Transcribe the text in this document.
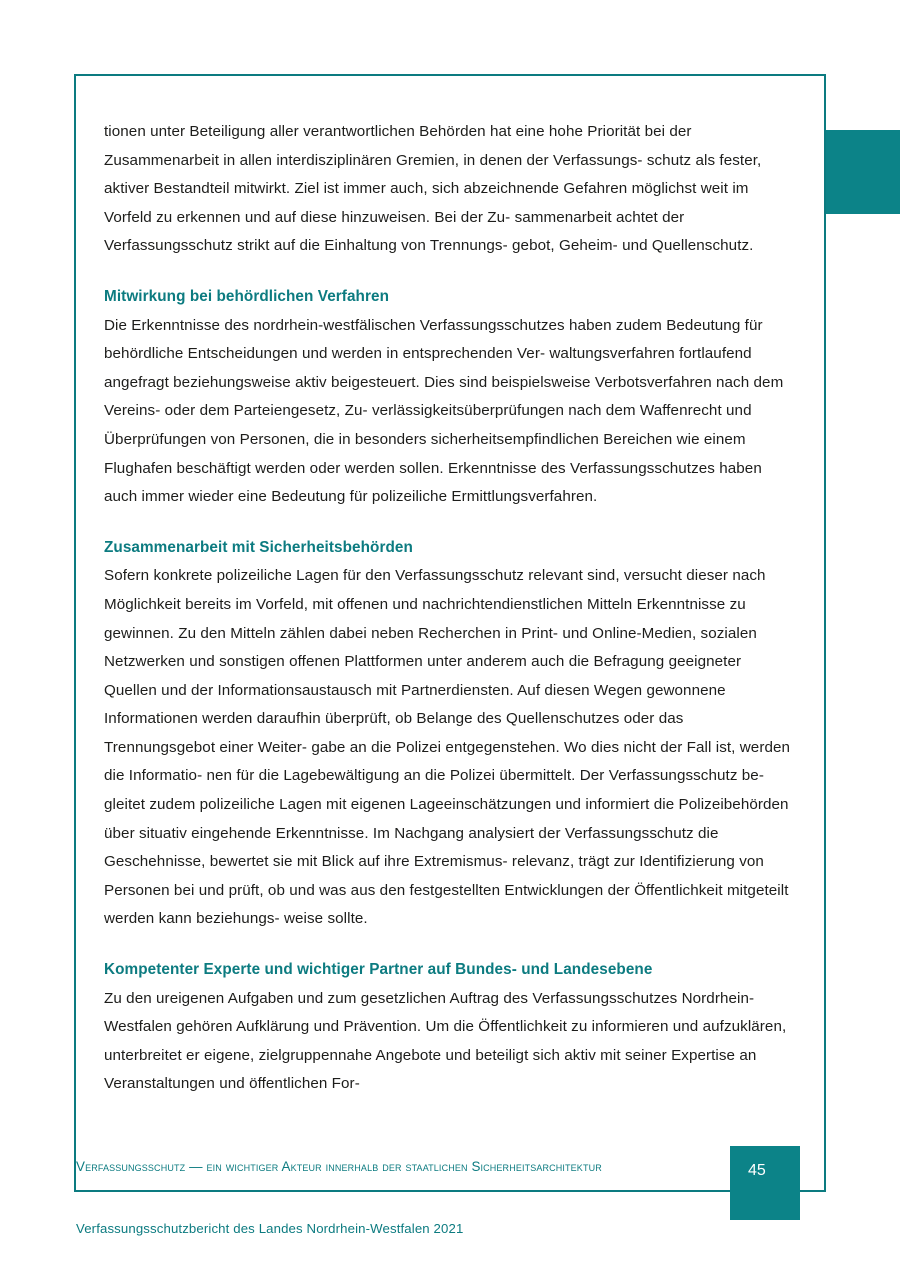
tionen unter Beteiligung aller verantwortlichen Behörden hat eine hohe Priorität bei der Zusammenarbeit in allen interdisziplinären Gremien, in denen der Verfassungs- schutz als fester, aktiver Bestandteil mitwirkt. Ziel ist immer auch, sich abzeichnende Gefahren möglichst weit im Vorfeld zu erkennen und auf diese hinzuweisen. Bei der Zu- sammenarbeit achtet der Verfassungsschutz strikt auf die Einhaltung von Trennungs- gebot, Geheim- und Quellenschutz.

Mitwirkung bei behördlichen Verfahren

Die Erkenntnisse des nordrhein-westfälischen Verfassungsschutzes haben zudem Bedeutung für behördliche Entscheidungen und werden in entsprechenden Ver- waltungsverfahren fortlaufend angefragt beziehungsweise aktiv beigesteuert. Dies sind beispielsweise Verbotsverfahren nach dem Vereins- oder dem Parteiengesetz, Zu- verlässigkeitsüberprüfungen nach dem Waffenrecht und Überprüfungen von Personen, die in besonders sicherheitsempfindlichen Bereichen wie einem Flughafen beschäftigt werden oder werden sollen. Erkenntnisse des Verfassungsschutzes haben auch immer wieder eine Bedeutung für polizeiliche Ermittlungsverfahren.

Zusammenarbeit mit Sicherheitsbehörden

Sofern konkrete polizeiliche Lagen für den Verfassungsschutz relevant sind, versucht dieser nach Möglichkeit bereits im Vorfeld, mit offenen und nachrichtendienstlichen Mitteln Erkenntnisse zu gewinnen. Zu den Mitteln zählen dabei neben Recherchen in Print- und Online-Medien, sozialen Netzwerken und sonstigen offenen Plattformen unter anderem auch die Befragung geeigneter Quellen und der Informationsaustausch mit Partnerdiensten. Auf diesen Wegen gewonnene Informationen werden daraufhin überprüft, ob Belange des Quellenschutzes oder das Trennungsgebot einer Weiter- gabe an die Polizei entgegenstehen. Wo dies nicht der Fall ist, werden die Informatio- nen für die Lagebewältigung an die Polizei übermittelt. Der Verfassungsschutz be- gleitet zudem polizeiliche Lagen mit eigenen Lageeinschätzungen und informiert die Polizeibehörden über situativ eingehende Erkenntnisse. Im Nachgang analysiert der Verfassungsschutz die Geschehnisse, bewertet sie mit Blick auf ihre Extremismus- relevanz, trägt zur Identifizierung von Personen bei und prüft, ob und was aus den festgestellten Entwicklungen der Öffentlichkeit mitgeteilt werden kann beziehungs- weise sollte.

Kompetenter Experte und wichtiger Partner auf Bundes- und Landesebene

Zu den ureigenen Aufgaben und zum gesetzlichen Auftrag des Verfassungsschutzes Nordrhein-Westfalen gehören Aufklärung und Prävention. Um die Öffentlichkeit zu informieren und aufzuklären, unterbreitet er eigene, zielgruppennahe Angebote und beteiligt sich aktiv mit seiner Expertise an Veranstaltungen und öffentlichen For-

Verfassungsschutz — ein wichtiger Akteur innerhalb der staatlichen Sicherheitsarchitektur	45
Verfassungsschutzbericht des Landes Nordrhein-Westfalen 2021
